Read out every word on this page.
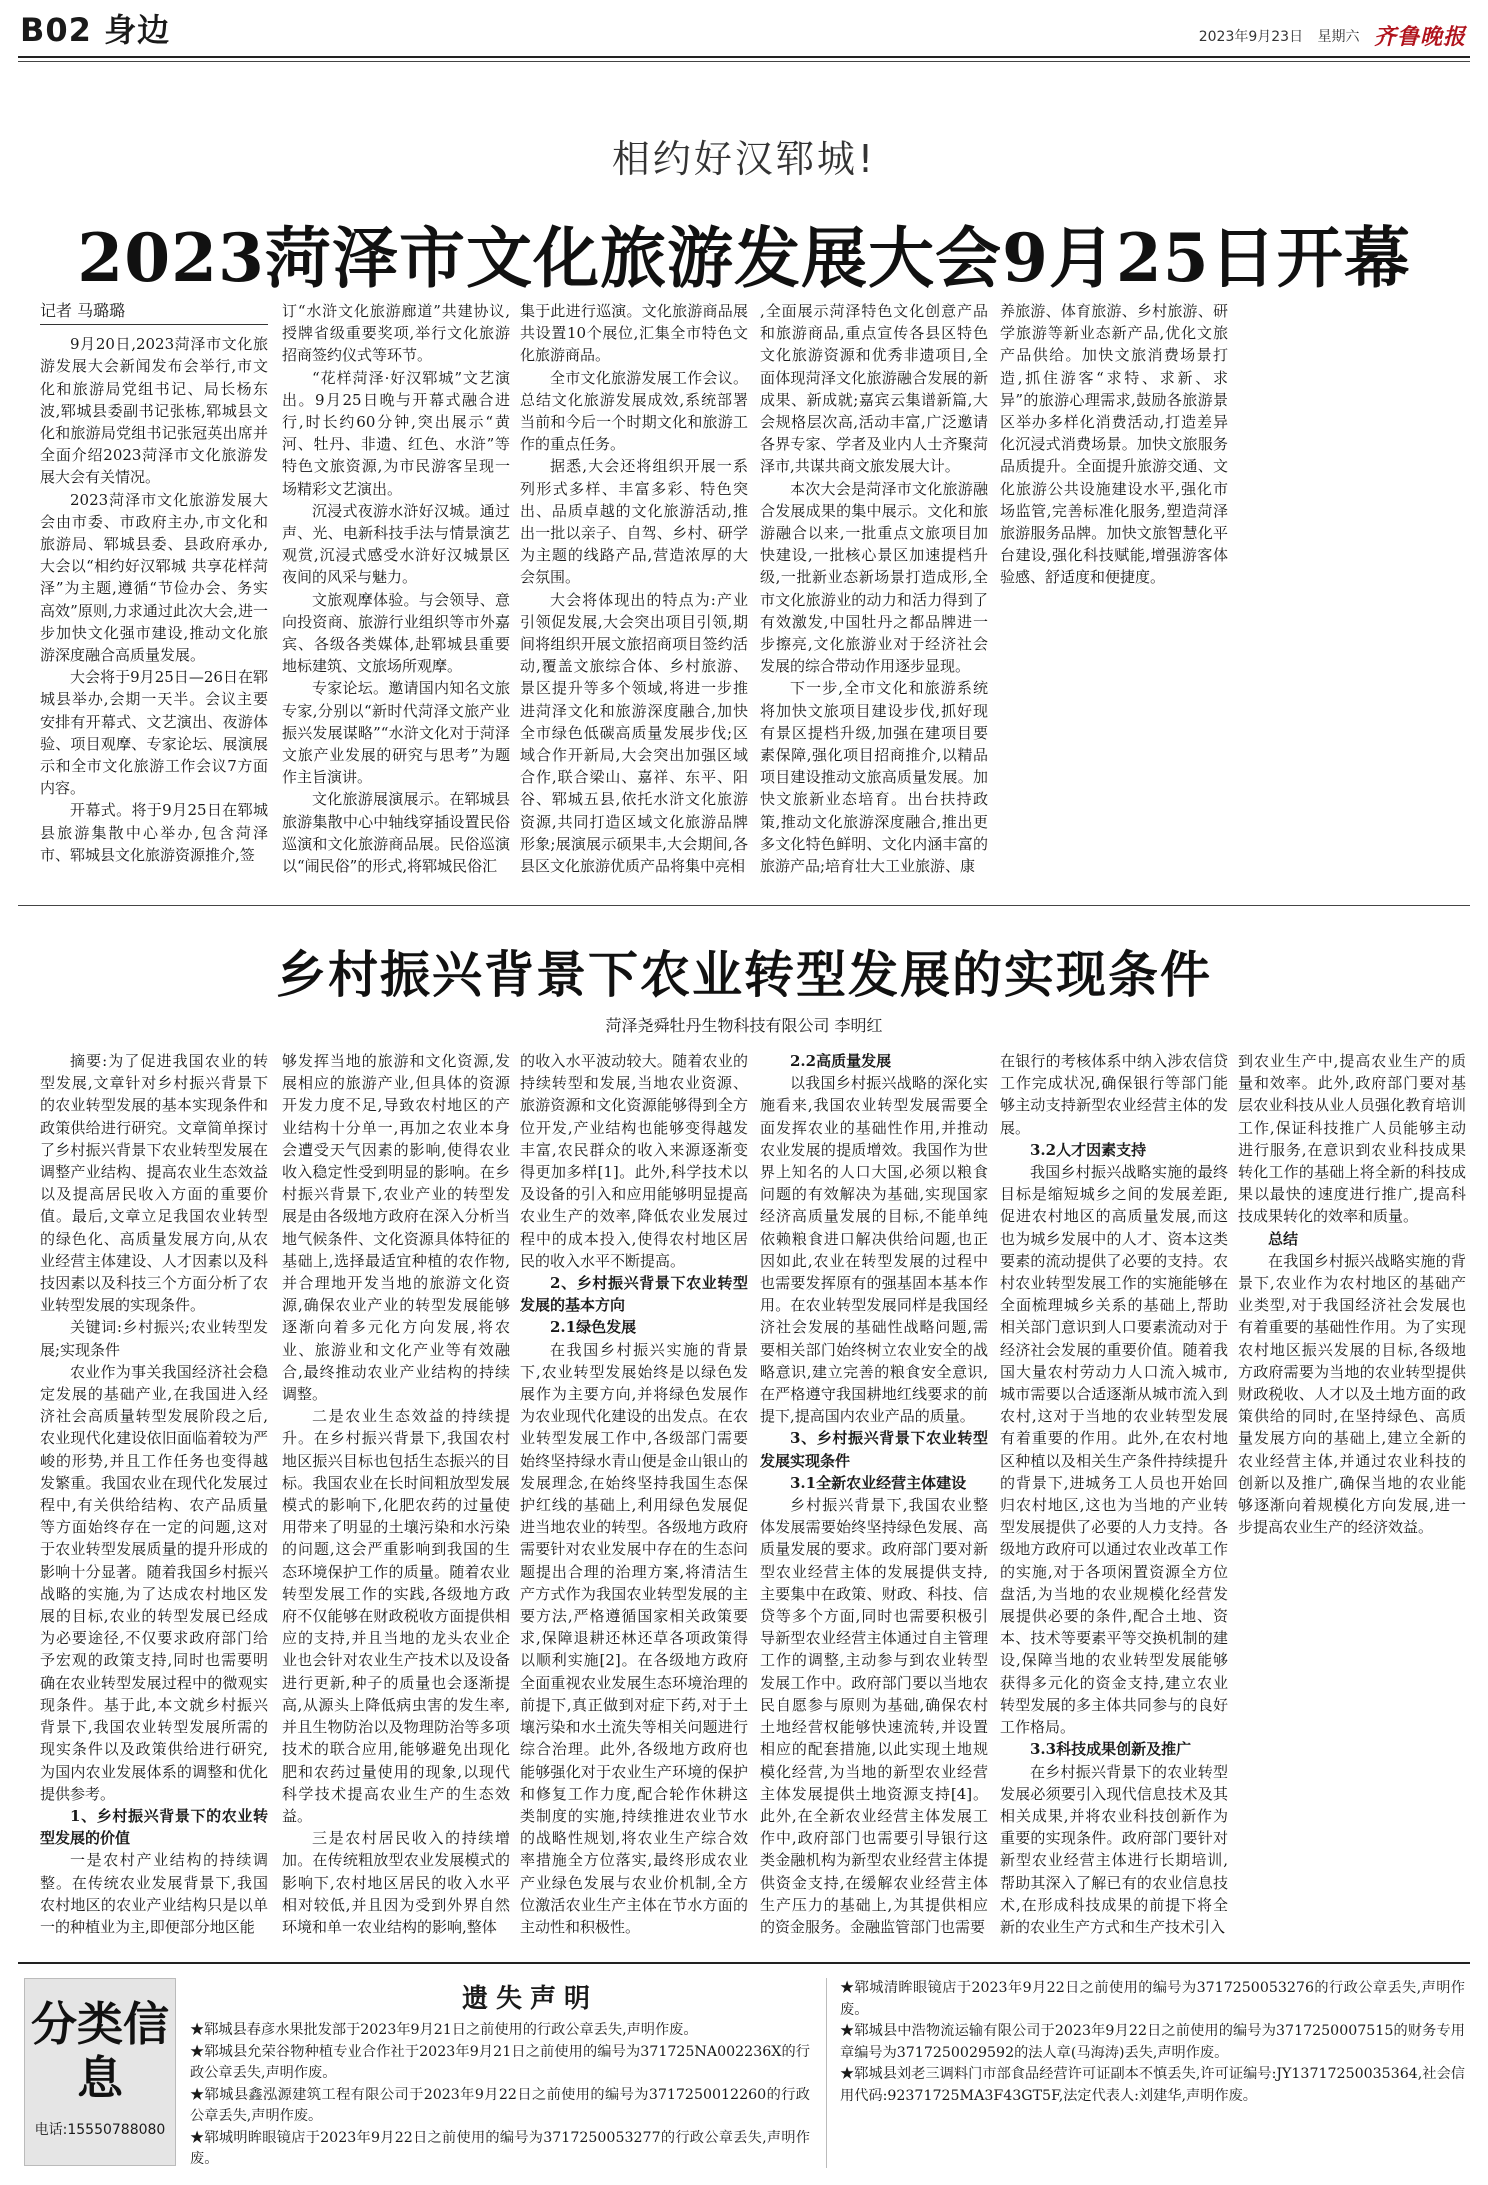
B02 身边	2023年9月23日 星期六 齐鲁晚报
相约好汉郓城!
2023菏泽市文化旅游发展大会9月25日开幕
记者 马璐璐

9月20日,2023菏泽市文化旅游发展大会新闻发布会举行,市文化和旅游局党组书记、局长杨东波,郓城县委副书记张栋,郓城县文化和旅游局党组书记张冠英出席并全面介绍2023菏泽市文化旅游发展大会有关情况。

2023菏泽市文化旅游发展大会由市委、市政府主办,市文化和旅游局、郓城县委、县政府承办,大会以“相约好汉郓城 共享花样菏泽”为主题,遵循“节俭办会、务实高效”原则,力求通过此次大会,进一步加快文化强市建设,推动文化旅游深度融合高质量发展。

大会将于9月25日—26日在郓城县举办,会期一天半。会议主要安排有开幕式、文艺演出、夜游体验、项目观摩、专家论坛、展演展示和全市文化旅游工作会议7方面内容。

开幕式。将于9月25日在郓城县旅游集散中心举办,包含菏泽市、郓城县文化旅游资源推介,签

订“水浒文化旅游廊道”共建协议,授牌省级重要奖项,举行文化旅游招商签约仪式等环节。

“花样菏泽·好汉郓城”文艺演出。9月25日晚与开幕式融合进行,时长约60分钟,突出展示“黄河、牡丹、非遗、红色、水浒”等特色文旅资源,为市民游客呈现一场精彩文艺演出。

沉浸式夜游水浒好汉城。通过声、光、电新科技手法与情景演艺观赏,沉浸式感受水浒好汉城景区夜间的风采与魅力。

文旅观摩体验。与会领导、意向投资商、旅游行业组织等市外嘉宾、各级各类媒体,赴郓城县重要地标建筑、文旅场所观摩。

专家论坛。邀请国内知名文旅专家,分别以“新时代菏泽文旅产业振兴发展谋略”“水浒文化对于菏泽文旅产业发展的研究与思考”为题作主旨演讲。

文化旅游展演展示。在郓城县旅游集散中心中轴线穿插设置民俗巡演和文化旅游商品展。民俗巡演以“闹民俗”的形式,将郓城民俗汇

集于此进行巡演。文化旅游商品展共设置10个展位,汇集全市特色文化旅游商品。

全市文化旅游发展工作会议。总结文化旅游发展成效,系统部署当前和今后一个时期文化和旅游工作的重点任务。

据悉,大会还将组织开展一系列形式多样、丰富多彩、特色突出、品质卓越的文化旅游活动,推出一批以亲子、自驾、乡村、研学为主题的线路产品,营造浓厚的大会氛围。

大会将体现出的特点为:产业引领促发展,大会突出项目引领,期间将组织开展文旅招商项目签约活动,覆盖文旅综合体、乡村旅游、景区提升等多个领域,将进一步推进菏泽文化和旅游深度融合,加快全市绿色低碳高质量发展步伐;区域合作开新局,大会突出加强区域合作,联合梁山、嘉祥、东平、阳谷、郓城五县,依托水浒文化旅游资源,共同打造区域文化旅游品牌形象;展演展示硕果丰,大会期间,各县区文化旅游优质产品将集中亮相

,全面展示菏泽特色文化创意产品和旅游商品,重点宣传各县区特色文化旅游资源和优秀非遗项目,全面体现菏泽文化旅游融合发展的新成果、新成就;嘉宾云集谱新篇,大会规格层次高,活动丰富,广泛邀请各界专家、学者及业内人士齐聚菏泽市,共谋共商文旅发展大计。

本次大会是菏泽市文化旅游融合发展成果的集中展示。文化和旅游融合以来,一批重点文旅项目加快建设,一批核心景区加速提档升级,一批新业态新场景打造成形,全市文化旅游业的动力和活力得到了有效激发,中国牡丹之都品牌进一步擦亮,文化旅游业对于经济社会发展的综合带动作用逐步显现。

下一步,全市文化和旅游系统将加快文旅项目建设步伐,抓好现有景区提档升级,加强在建项目要素保障,强化项目招商推介,以精品项目建设推动文旅高质量发展。加快文旅新业态培育。出台扶持政策,推动文化旅游深度融合,推出更多文化特色鲜明、文化内涵丰富的旅游产品;培育壮大工业旅游、康

养旅游、体育旅游、乡村旅游、研学旅游等新业态新产品,优化文旅产品供给。加快文旅消费场景打造,抓住游客“求特、求新、求异”的旅游心理需求,鼓励各旅游景区举办多样化消费活动,打造差异化沉浸式消费场景。加快文旅服务品质提升。全面提升旅游交通、文化旅游公共设施建设水平,强化市场监管,完善标准化服务,塑造菏泽旅游服务品牌。加快文旅智慧化平台建设,强化科技赋能,增强游客体验感、舒适度和便捷度。

乡村振兴背景下农业转型发展的实现条件
菏泽尧舜牡丹生物科技有限公司 李明红

摘要:为了促进我国农业的转型发展,文章针对乡村振兴背景下的农业转型发展的基本实现条件和政策供给进行研究。文章简单探讨了乡村振兴背景下农业转型发展在调整产业结构、提高农业生态效益以及提高居民收入方面的重要价值。最后,文章立足我国农业转型的绿色化、高质量发展方向,从农业经营主体建设、人才因素以及科技因素以及科技三个方面分析了农业转型发展的实现条件。

关键词:乡村振兴;农业转型发展;实现条件

农业作为事关我国经济社会稳定发展的基础产业,在我国进入经济社会高质量转型发展阶段之后,农业现代化建设依旧面临着较为严峻的形势,并且工作任务也变得越发繁重。我国农业在现代化发展过程中,有关供给结构、农产品质量等方面始终存在一定的问题,这对于农业转型发展质量的提升形成的影响十分显著。随着我国乡村振兴战略的实施,为了达成农村地区发展的目标,农业的转型发展已经成为必要途径,不仅要求政府部门给予宏观的政策支持,同时也需要明确在农业转型发展过程中的微观实现条件。基于此,本文就乡村振兴背景下,我国农业转型发展所需的现实条件以及政策供给进行研究,为国内农业发展体系的调整和优化提供参考。

1、乡村振兴背景下的农业转型发展的价值

一是农村产业结构的持续调整。在传统农业发展背景下,我国农村地区的农业产业结构只是以单一的种植业为主,即便部分地区能

够发挥当地的旅游和文化资源,发展相应的旅游产业,但具体的资源开发力度不足,导致农村地区的产业结构十分单一,再加之农业本身会遭受天气因素的影响,使得农业收入稳定性受到明显的影响。在乡村振兴背景下,农业产业的转型发展是由各级地方政府在深入分析当地气候条件、文化资源具体特征的基础上,选择最适宜种植的农作物,并合理地开发当地的旅游文化资源,确保农业产业的转型发展能够逐渐向着多元化方向发展,将农业、旅游业和文化产业等有效融合,最终推动农业产业结构的持续调整。

二是农业生态效益的持续提升。在乡村振兴背景下,我国农村地区振兴目标也包括生态振兴的目标。我国农业在长时间粗放型发展模式的影响下,化肥农药的过量使用带来了明显的土壤污染和水污染的问题,这会严重影响到我国的生态环境保护工作的质量。随着农业转型发展工作的实践,各级地方政府不仅能够在财政税收方面提供相应的支持,并且当地的龙头农业企业也会针对农业生产技术以及设备进行更新,种子的质量也会逐渐提高,从源头上降低病虫害的发生率,并且生物防治以及物理防治等多项技术的联合应用,能够避免出现化肥和农药过量使用的现象,以现代科学技术提高农业生产的生态效益。

三是农村居民收入的持续增加。在传统粗放型农业发展模式的影响下,农村地区居民的收入水平相对较低,并且因为受到外界自然环境和单一农业结构的影响,整体

的收入水平波动较大。随着农业的持续转型和发展,当地农业资源、旅游资源和文化资源能够得到全方位开发,产业结构也能够变得越发丰富,农民群众的收入来源逐渐变得更加多样[1]。此外,科学技术以及设备的引入和应用能够明显提高农业生产的效率,降低农业发展过程中的成本投入,使得农村地区居民的收入水平不断提高。

2、乡村振兴背景下农业转型发展的基本方向

2.1绿色发展

在我国乡村振兴实施的背景下,农业转型发展始终是以绿色发展作为主要方向,并将绿色发展作为农业现代化建设的出发点。在农业转型发展工作中,各级部门需要始终坚持绿水青山便是金山银山的发展理念,在始终坚持我国生态保护红线的基础上,利用绿色发展促进当地农业的转型。各级地方政府需要针对农业发展中存在的生态问题提出合理的治理方案,将清洁生产方式作为我国农业转型发展的主要方法,严格遵循国家相关政策要求,保障退耕还林还草各项政策得以顺利实施[2]。在各级地方政府全面重视农业发展生态环境治理的前提下,真正做到对症下药,对于土壤污染和水土流失等相关问题进行综合治理。此外,各级地方政府也能够强化对于农业生产环境的保护和修复工作力度,配合轮作休耕这类制度的实施,持续推进农业节水的战略性规划,将农业生产综合效率措施全方位落实,最终形成农业产业绿色发展与农业价机制,全方位激活农业生产主体在节水方面的主动性和积极性。

2.2高质量发展

以我国乡村振兴战略的深化实施看来,我国农业转型发展需要全面发挥农业的基础性作用,并推动农业发展的提质增效。我国作为世界上知名的人口大国,必须以粮食问题的有效解决为基础,实现国家经济高质量发展的目标,不能单纯依赖粮食进口解决供给问题,也正因如此,农业在转型发展的过程中也需要发挥原有的强基固本基本作用。在农业转型发展同样是我国经济社会发展的基础性战略问题,需要相关部门始终树立农业安全的战略意识,建立完善的粮食安全意识,在严格遵守我国耕地红线要求的前提下,提高国内农业产品的质量。

3、乡村振兴背景下农业转型发展实现条件

3.1全新农业经营主体建设

乡村振兴背景下,我国农业整体发展需要始终坚持绿色发展、高质量发展的要求。政府部门要对新型农业经营主体的发展提供支持,主要集中在政策、财政、科技、信贷等多个方面,同时也需要积极引导新型农业经营主体通过自主管理工作的调整,主动参与到农业转型发展工作中。政府部门要以当地农民自愿参与原则为基础,确保农村土地经营权能够快速流转,并设置相应的配套措施,以此实现土地规模化经营,为当地的新型农业经营主体发展提供土地资源支持[4]。此外,在全新农业经营主体发展工作中,政府部门也需要引导银行这类金融机构为新型农业经营主体提供资金支持,在缓解农业经营主体生产压力的基础上,为其提供相应的资金服务。金融监管部门也需要

在银行的考核体系中纳入涉农信贷工作完成状况,确保银行等部门能够主动支持新型农业经营主体的发展。

3.2人才因素支持

我国乡村振兴战略实施的最终目标是缩短城乡之间的发展差距,促进农村地区的高质量发展,而这也为城乡发展中的人才、资本这类要素的流动提供了必要的支持。农村农业转型发展工作的实施能够在全面梳理城乡关系的基础上,帮助相关部门意识到人口要素流动对于经济社会发展的重要价值。随着我国大量农村劳动力人口流入城市,城市需要以合适逐渐从城市流入到农村,这对于当地的农业转型发展有着重要的作用。此外,在农村地区种植以及相关生产条件持续提升的背景下,进城务工人员也开始回归农村地区,这也为当地的产业转型发展提供了必要的人力支持。各级地方政府可以通过农业改革工作的实施,对于各项闲置资源全方位盘活,为当地的农业规模化经营发展提供必要的条件,配合土地、资本、技术等要素平等交换机制的建设,保障当地的农业转型发展能够获得多元化的资金支持,建立农业转型发展的多主体共同参与的良好工作格局。

3.3科技成果创新及推广

在乡村振兴背景下的农业转型发展必须要引入现代信息技术及其相关成果,并将农业科技创新作为重要的实现条件。政府部门要针对新型农业经营主体进行长期培训,帮助其深入了解已有的农业信息技术,在形成科技成果的前提下将全新的农业生产方式和生产技术引入

到农业生产中,提高农业生产的质量和效率。此外,政府部门要对基层农业科技从业人员强化教育培训工作,保证科技推广人员能够主动进行服务,在意识到农业科技成果转化工作的基础上将全新的科技成果以最快的速度进行推广,提高科技成果转化的效率和质量。

总结

在我国乡村振兴战略实施的背景下,农业作为农村地区的基础产业类型,对于我国经济社会发展也有着重要的基础性作用。为了实现农村地区振兴发展的目标,各级地方政府需要为当地的农业转型提供财政税收、人才以及土地方面的政策供给的同时,在坚持绿色、高质量发展方向的基础上,建立全新的农业经营主体,并通过农业科技的创新以及推广,确保当地的农业能够逐渐向着规模化方向发展,进一步提高农业生产的经济效益。

分类信息
电话:15550788080
遗失声明

★郓城县春彦水果批发部于2023年9月21日之前使用的行政公章丢失,声明作废。

★郓城县允荣谷物种植专业合作社于2023年9月21日之前使用的编号为371725NA002236X的行政公章丢失,声明作废。

★郓城县鑫泓源建筑工程有限公司于2023年9月22日之前使用的编号为3717250012260的行政公章丢失,声明作废。

★郓城明眸眼镜店于2023年9月22日之前使用的编号为3717250053277的行政公章丢失,声明作废。

★郓城清眸眼镜店于2023年9月22日之前使用的编号为3717250053276的行政公章丢失,声明作废。

★郓城县中浩物流运输有限公司于2023年9月22日之前使用的编号为3717250007515的财务专用章编号为3717250029592的法人章(马海涛)丢失,声明作废。

★郓城县刘老三调料门市部食品经营许可证副本不慎丢失,许可证编号:JY13717250035364,社会信用代码:92371725MA3F43GT5F,法定代表人:刘建华,声明作废。
